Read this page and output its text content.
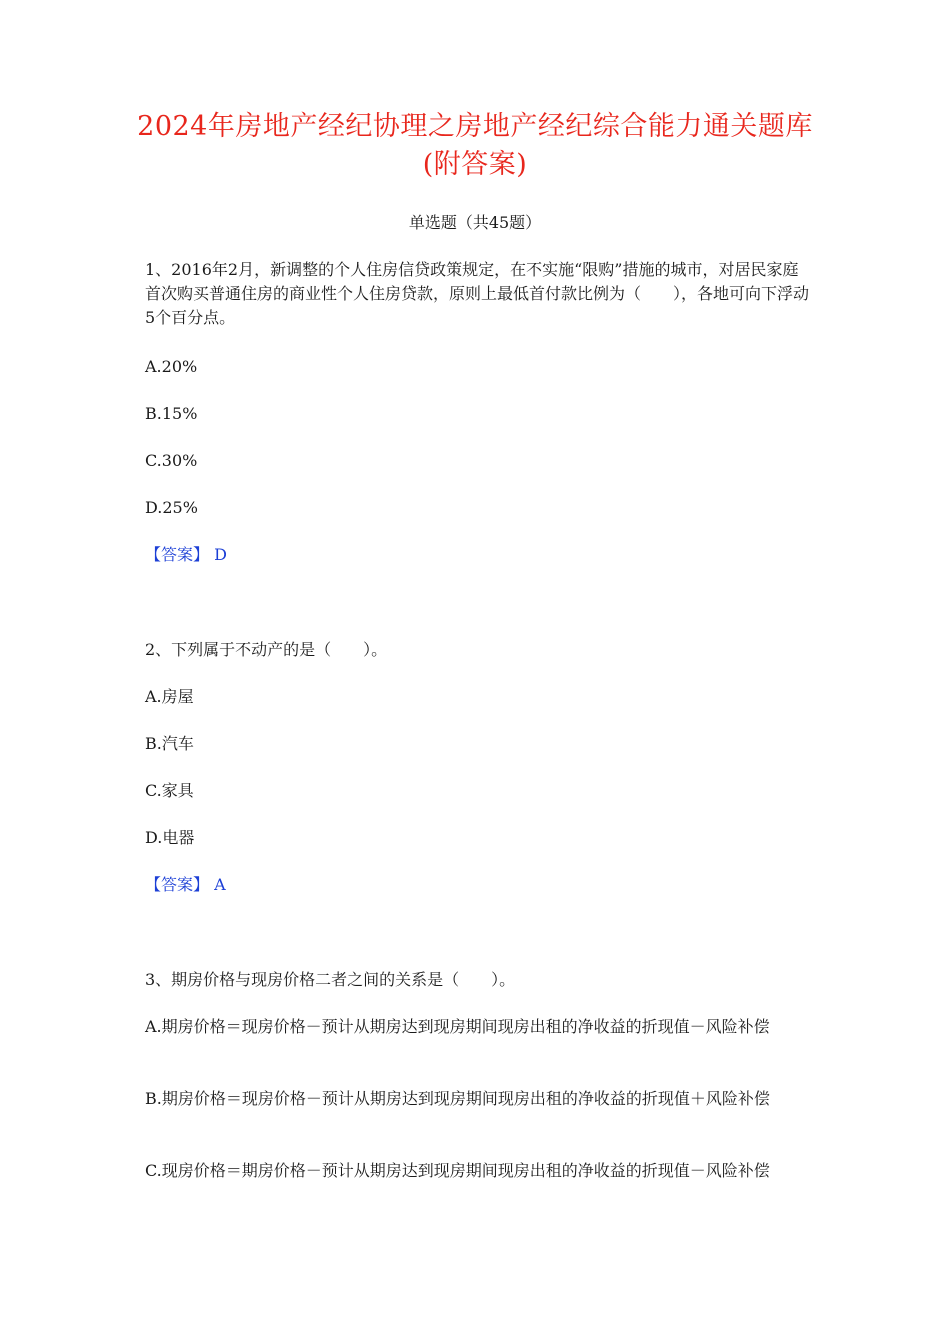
2024年房地产经纪协理之房地产经纪综合能力通关题库(附答案)
单选题（共45题）
1、2016年2月，新调整的个人住房信贷政策规定，在不实施“限购”措施的城市，对居民家庭首次购买普通住房的商业性个人住房贷款，原则上最低首付款比例为（　　），各地可向下浮动5个百分点。
A.20%
B.15%
C.30%
D.25%
【答案】 D
2、下列属于不动产的是（　　）。
A.房屋
B.汽车
C.家具
D.电器
【答案】 A
3、期房价格与现房价格二者之间的关系是（　　）。
A.期房价格＝现房价格－预计从期房达到现房期间现房出租的净收益的折现值－风险补偿
B.期房价格＝现房价格－预计从期房达到现房期间现房出租的净收益的折现值＋风险补偿
C.现房价格＝期房价格－预计从期房达到现房期间现房出租的净收益的折现值－风险补偿
